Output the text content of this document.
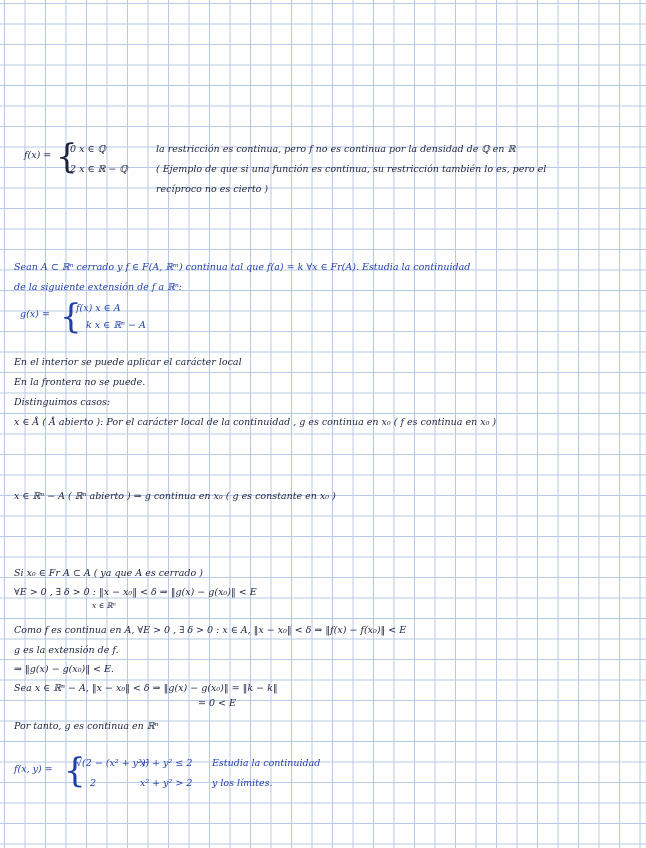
f(x) = {
0 x ∈ ℚ
2 x ∈ ℝ − ℚ
la restricción es continua, pero f no es continua por la densidad de ℚ en ℝ
( Ejemplo de que si una función es continua, su restricción también lo es, pero el
recíproco no es cierto )
Sean A ⊂ ℝⁿ cerrado y f ∈ F(A, ℝᵐ) continua tal que f(a) = k ∀x ∈ Fr(A). Estudia la continuidad
de la siguiente extensión de f a ℝⁿ:
g(x) = {
f(x) x ∈ A
k x ∈ ℝⁿ − A
En el interior se puede aplicar el carácter local
En la frontera no se puede.
Distinguimos casos:
x ∈ Å ( Å abierto ): Por el carácter local de la continuidad , g es continua en x₀ ( f es continua en x₀ )
x ∈ ℝⁿ − A ( ℝⁿ abierto ) ⇒ g continua en x₀ ( g es constante en x₀ )
Si x₀ ∈ Fr A ⊂ A ( ya que A es cerrado )
∀E > 0 , ∃ δ > 0 : ‖x − x₀‖ < δ ⇒ ‖g(x) − g(x₀)‖ < E
x ∈ ℝⁿ
Como f es continua en A, ∀E > 0 , ∃ δ > 0 : x ∈ A, ‖x − x₀‖ < δ ⇒ ‖f(x) − f(x₀)‖ < E
g es la extensión de f.
⇒ ‖g(x) − g(x₀)‖ < E.
Sea x ∈ ℝⁿ − A, ‖x − x₀‖ < δ ⇒ ‖g(x) − g(x₀)‖ = ‖k − k‖
= 0 < E
Por tanto, g es continua en ℝⁿ
f(x, y) = {
√(2 − (x² + y²))
2
x² + y² ≤ 2
x² + y² > 2
Estudia la continuidad
y los límites.
